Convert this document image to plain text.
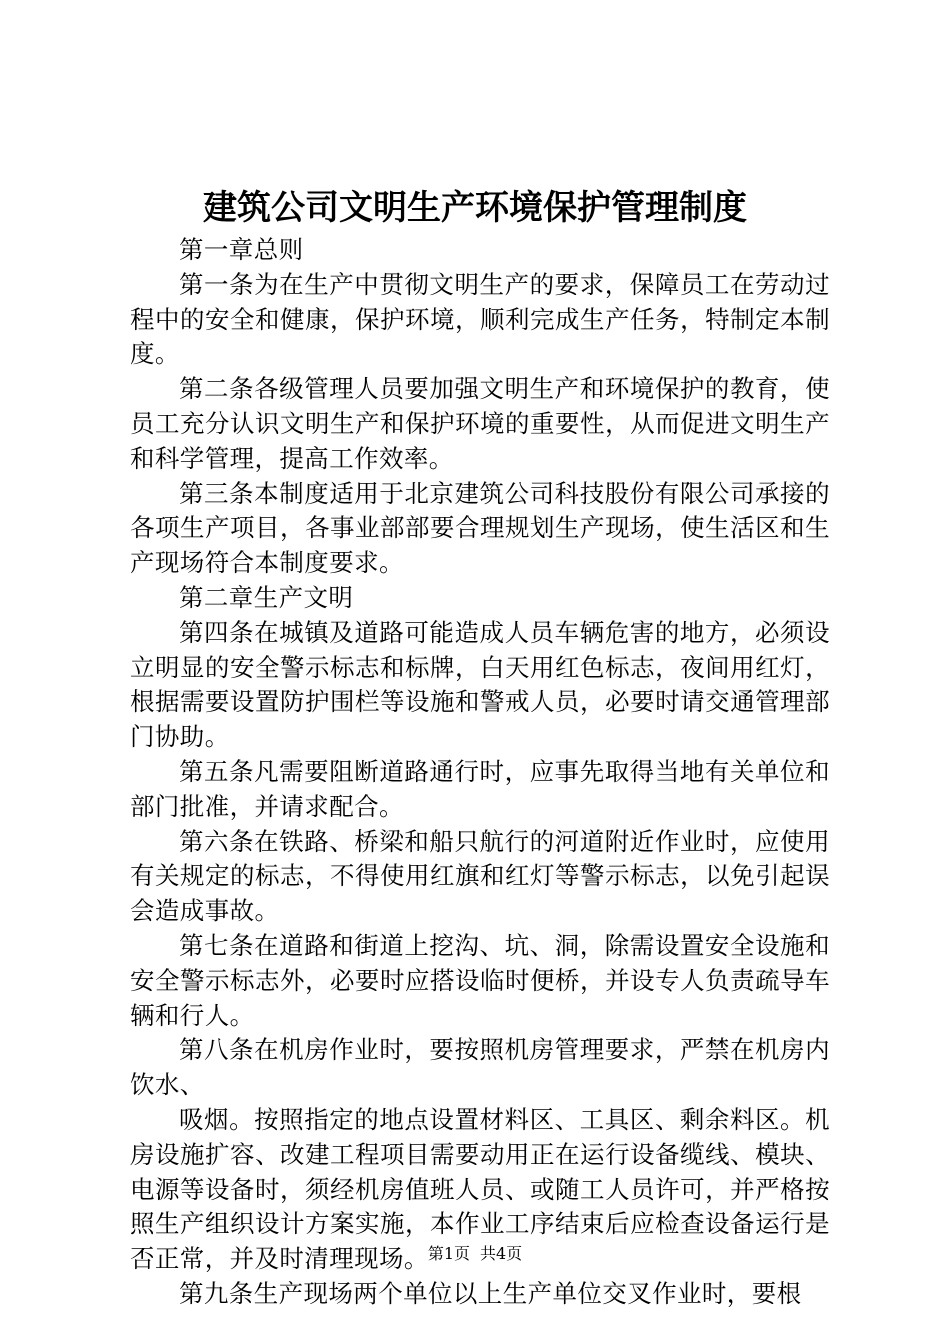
建筑公司文明生产环境保护管理制度

第一章总则

第一条为在生产中贯彻文明生产的要求，保障员工在劳动过程中的安全和健康，保护环境，顺利完成生产任务，特制定本制度。

第二条各级管理人员要加强文明生产和环境保护的教育，使员工充分认识文明生产和保护环境的重要性，从而促进文明生产和科学管理，提高工作效率。

第三条本制度适用于北京建筑公司科技股份有限公司承接的各项生产项目，各事业部部要合理规划生产现场，使生活区和生产现场符合本制度要求。

第二章生产文明

第四条在城镇及道路可能造成人员车辆危害的地方，必须设立明显的安全警示标志和标牌，白天用红色标志，夜间用红灯，根据需要设置防护围栏等设施和警戒人员，必要时请交通管理部门协助。

第五条凡需要阻断道路通行时，应事先取得当地有关单位和部门批准，并请求配合。

第六条在铁路、桥梁和船只航行的河道附近作业时，应使用有关规定的标志，不得使用红旗和红灯等警示标志，以免引起误会造成事故。

第七条在道路和街道上挖沟、坑、洞，除需设置安全设施和安全警示标志外，必要时应搭设临时便桥，并设专人负责疏导车辆和行人。

第八条在机房作业时，要按照机房管理要求，严禁在机房内饮水、

吸烟。按照指定的地点设置材料区、工具区、剩余料区。机房设施扩容、改建工程项目需要动用正在运行设备缆线、模块、电源等设备时，须经机房值班人员、或随工人员许可，并严格按照生产组织设计方案实施，本作业工序结束后应检查设备运行是否正常，并及时清理现场。

第九条生产现场两个单位以上生产单位交叉作业时，要根

第1页 共4页
